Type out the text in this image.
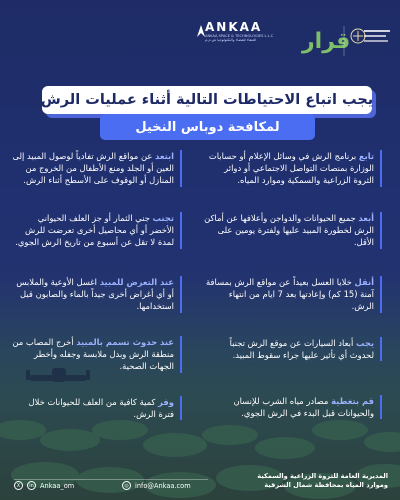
ANKAA
ANKAA SPACE & TECHNOLOGIES L.L.C
العنقاء للفضاء والتكنولوجيا ش.م.م	قرار
يجب اتباع الاحتياطات التالية أثناء عمليات الرش
لمكافحة دوباس النخيل
تابع برنامج الرش في وسائل الإعلام أو حسابات الوزارة بمنصات التواصل الاجتماعي أو دوائر الثروة الزراعية والسمكية وموارد المياه.
أبعد جميع الحيوانات والدواجن وأعلافها عن أماكن الرش لخطورة المبيد عليها ولفترة يومين على الأقل.
أنقل خلايا العسل بعيداً عن مواقع الرش بمسافة آمنة (15 كم) وإعادتها بعد 7 ايام من انتهاء الرش.
يجب أبعاد السيارات عن موقع الرش تجنباً لحدوث أي تأثير عليها جراء سقوط المبيد.
قم بتغطية مصادر مياه الشرب للإنسان والحيوانات قبل البدء في الرش الجوي.
ابتعد عن مواقع الرش تفادياً لوصول المبيد إلى العين أو الجلد ومنع الأطفال من الخروج من المنازل أو الوقوف على الأسطح أثناء الرش.
تجنب جني الثمار أو جز العلف الحيواني الأخضر أو أي محاصيل أخرى تعرضت للرش لمدة لا تقل عن أسبوع من تاريخ الرش الجوي.
عند التعرض للمبيد اغسل الأوعية والملابس أو أي أغراض أخرى جيداً بالماء والصابون قبل استخدامها.
عند حدوث تسمم بالمبيد أخرج المصاب من منطقة الرش وبدل ملابسة وجفله وأخطر الجهات الصحية.
وفر كمية كافية من العلف للحيوانات خلال فترة الرش.
X	in Ankaa_om	◎ info@Ankaa.com
المديرية العامة للثروة الزراعية والسمكية
وموارد المياه بمحافظة شمال الشرقية
